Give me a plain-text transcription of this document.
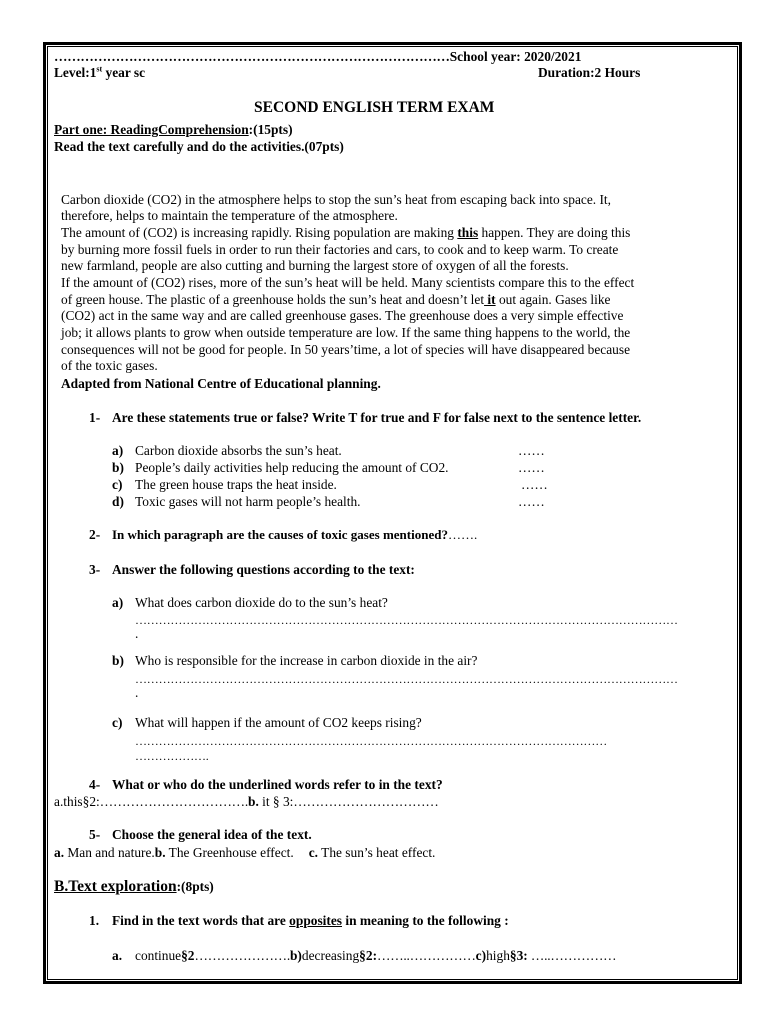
………………………………………………………………………………School year: 2020/2021
Level:1st year sc	Duration:2 Hours
SECOND ENGLISH TERM EXAM
Part one: ReadingComprehension:(15pts)
Read the text carefully and do the activities.(07pts)
Carbon dioxide (CO2) in the atmosphere helps to stop the sun’s heat from escaping back into space. It,
therefore, helps to maintain the temperature of the atmosphere.
The amount of (CO2) is increasing rapidly. Rising population are making this happen. They are doing this
by burning more fossil fuels in order to run their factories and cars, to cook and to keep warm. To create
new farmland, people are also cutting and burning the largest store of oxygen of all the forests.
If the amount of (CO2) rises, more of the sun’s heat will be held. Many scientists compare this to the effect
of green house. The plastic of a greenhouse holds the sun’s heat and doesn’t let it out again. Gases like
(CO2) act in the same way and are called greenhouse gases. The greenhouse does a very simple effective
job; it allows plants to grow when outside temperature are low. If the same thing happens to the world, the
consequences will not be good for people. In 50 years’time, a lot of species will have disappeared because
of the toxic gases.
Adapted from National Centre of Educational planning.
1- Are these statements true or false? Write T for true and F for false next to the sentence letter.
a) Carbon dioxide absorbs the sun’s heat.	……
b) People’s daily activities help reducing the amount of CO2.	……
c) The green house traps the heat inside.	……
d) Toxic gases will not harm people’s health.	……
2- In which paragraph are the causes of toxic gases mentioned?…….
3- Answer the following questions according to the text:
a) What does carbon dioxide do to the sun’s heat?
…………………………………………………………………………………………………………………………
.
b) Who is responsible for the increase in carbon dioxide in the air?
…………………………………………………………………………………………………………………………
.
c) What will happen if the amount of CO2 keeps rising?
…………………………………………………………………………………………………………
……………….
4- What or who do the underlined words refer to in the text?
a.this§2:…………………………….b. it § 3:……………………………
5- Choose the general idea of the text.
a. Man and nature.b. The Greenhouse effect. c. The sun’s heat effect.
B.Text exploration:(8pts)
1. Find in the text words that are opposites in meaning to the following :
a. continue§2………………….b)decreasing§2:……..……………c)high§3: …..……………
